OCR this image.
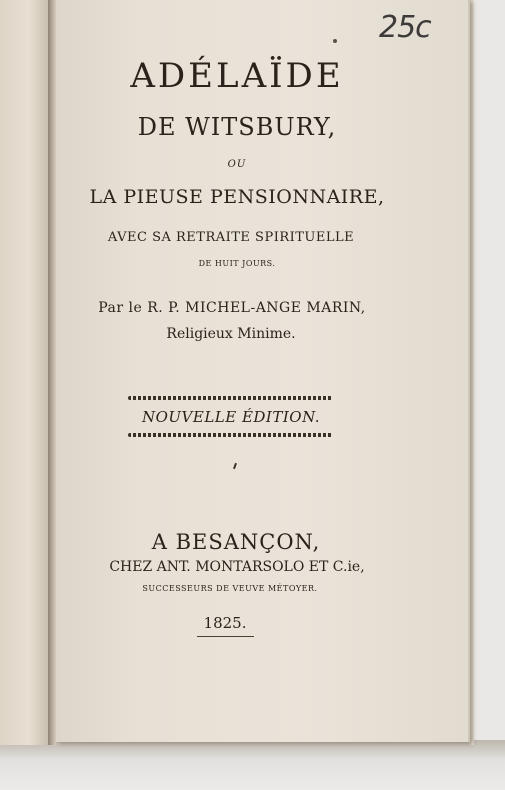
25c
ADÉLAÏDE
DE WITSBURY,
OU
LA PIEUSE PENSIONNAIRE,
AVEC SA RETRAITE SPIRITUELLE
DE HUIT JOURS.
Par le R. P. MICHEL-ANGE MARIN,
Religieux Minime.
NOUVELLE ÉDITION.
A BESANÇON,
CHEZ ANT. MONTARSOLO ET C.ie,
SUCCESSEURS DE VEUVE MÉTOYER.
1825.
